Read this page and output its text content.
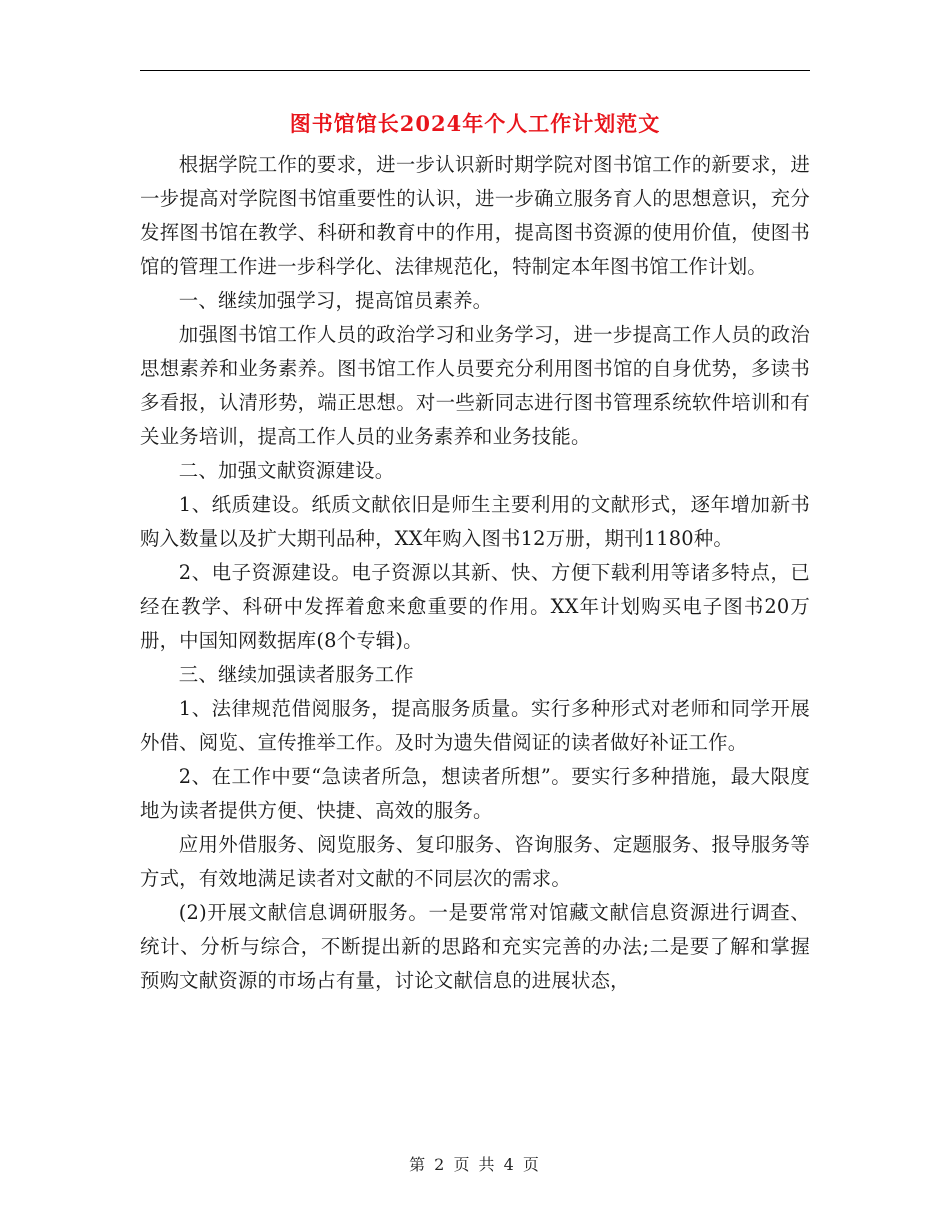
图书馆馆长2024年个人工作计划范文

根据学院工作的要求，进一步认识新时期学院对图书馆工作的新要求，进一步提高对学院图书馆重要性的认识，进一步确立服务育人的思想意识，充分发挥图书馆在教学、科研和教育中的作用，提高图书资源的使用价值，使图书馆的管理工作进一步科学化、法律规范化，特制定本年图书馆工作计划。

一、继续加强学习，提高馆员素养。

加强图书馆工作人员的政治学习和业务学习，进一步提高工作人员的政治思想素养和业务素养。图书馆工作人员要充分利用图书馆的自身优势，多读书多看报，认清形势，端正思想。对一些新同志进行图书管理系统软件培训和有关业务培训，提高工作人员的业务素养和业务技能。

二、加强文献资源建设。

1、纸质建设。纸质文献依旧是师生主要利用的文献形式，逐年增加新书购入数量以及扩大期刊品种，XX年购入图书12万册，期刊1180种。

2、电子资源建设。电子资源以其新、快、方便下载利用等诸多特点，已经在教学、科研中发挥着愈来愈重要的作用。XX年计划购买电子图书20万册，中国知网数据库(8个专辑)。

三、继续加强读者服务工作

1、法律规范借阅服务，提高服务质量。实行多种形式对老师和同学开展外借、阅览、宣传推举工作。及时为遗失借阅证的读者做好补证工作。

2、在工作中要“急读者所急，想读者所想”。要实行多种措施，最大限度地为读者提供方便、快捷、高效的服务。

应用外借服务、阅览服务、复印服务、咨询服务、定题服务、报导服务等方式，有效地满足读者对文献的不同层次的需求。

(2)开展文献信息调研服务。一是要常常对馆藏文献信息资源进行调查、统计、分析与综合，不断提出新的思路和充实完善的办法;二是要了解和掌握预购文献资源的市场占有量，讨论文献信息的进展状态，

第 2 页 共 4 页
